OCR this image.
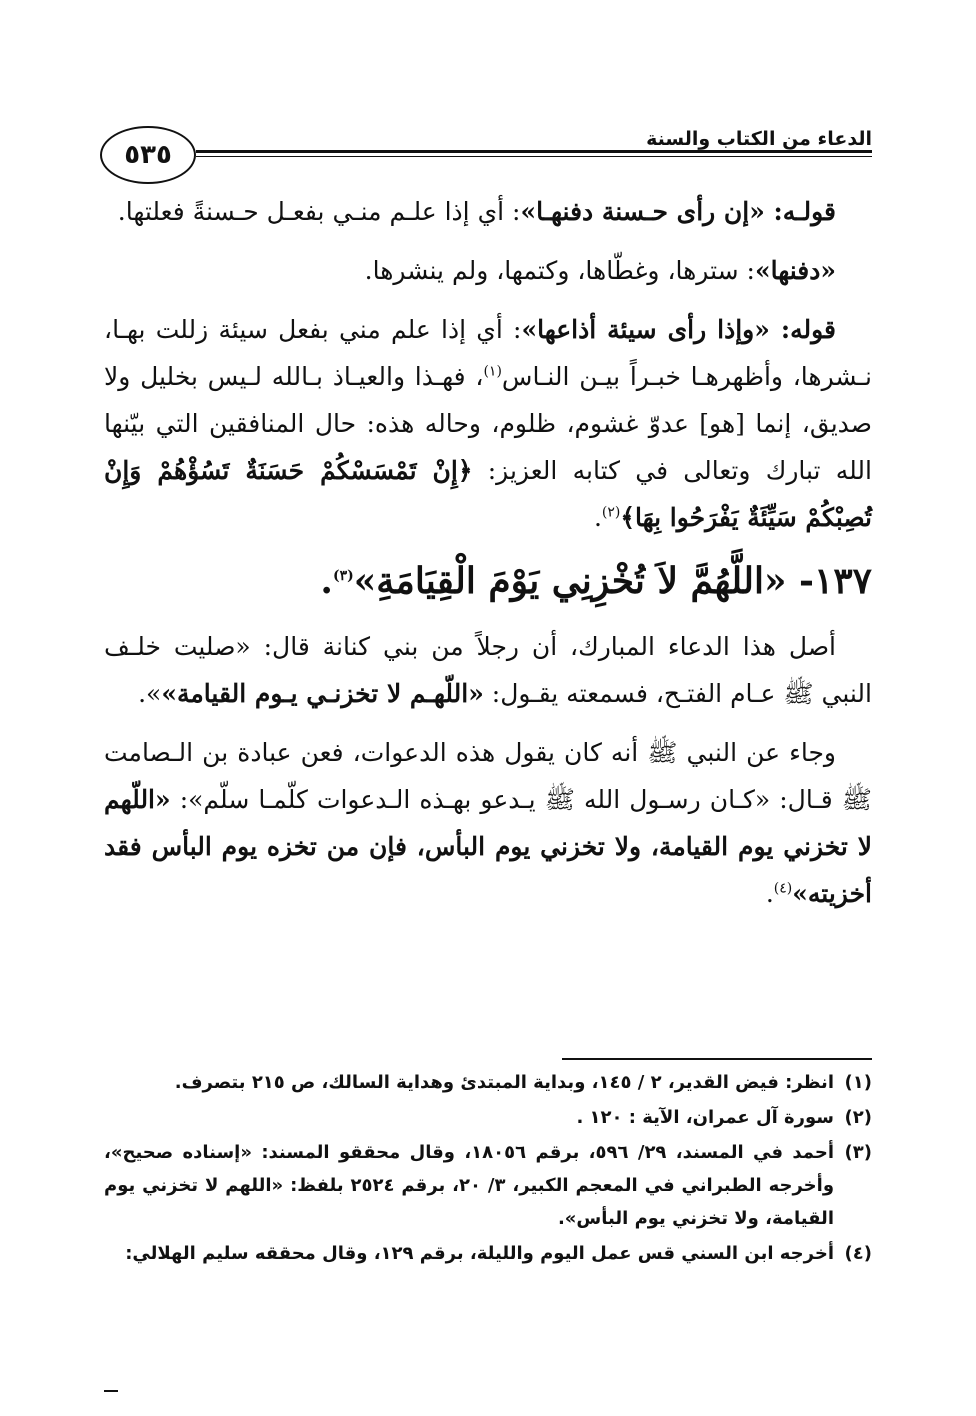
الدعاء من الكتاب والسنة
٥٣٥

قولـه: «إن رأى حـسنة دفنهـا»: أي إذا علـم منـي بفعـل حـسنةً فعلتها.

«دفنها»: سترها، وغطّاها، وكتمها، ولم ينشرها.

قوله: «وإذا رأى سيئة أذاعها»: أي إذا علم مني بفعل سيئة زللت بهـا، نـشرها، وأظهرهـا خبـراً بيـن النـاس$^{(١)}$، فهـذا والعيـاذ بـالله لـيس بخليل ولا صديق، إنما [هو] عدوّ غشوم، ظلوم، وحاله هذه: حال المنافقين التي بيّنها الله تبارك وتعالى في كتابه العزيز: ﴿إِنْ تَمْسَسْكُمْ حَسَنَةٌ تَسُؤْهُمْ وَإِنْ تُصِبْكُمْ سَيِّئَةٌ يَفْرَحُوا بِهَا﴾$^{(٢)}$.

١٣٧- «اللَّهُمَّ لاَ تُخْزِنِي يَوْمَ الْقِيَامَةِ»$^{(٣)}$.

أصل هذا الدعاء المبارك، أن رجلاً من بني كنانة قال: «صليت خلـف النبي ﷺ عـام الفتـح، فسمعته يقـول: «اللّهـم لا تخزنـي يـوم القيامة»».

وجاء عن النبي ﷺ أنه كان يقول هذه الدعوات، فعن عبادة بن الـصامت ﷺ قـال: «كـان رسـول الله ﷺ يـدعو بهـذه الـدعوات كلّمـا سلّم»: «اللّهم لا تخزني يوم القيامة، ولا تخزني يوم البأس، فإن من تخزه يوم البأس فقد أخزيته»$^{(٤)}$.

(١)
انظر: فيض القدير، ٢ / ١٤٥، وبداية المبتدئ وهداية السالك، ص ٢١٥ بتصرف.
(٢)
سورة آل عمران، الآية : ١٢٠ .
(٣)
أحمد في المسند، ٢٩/ ٥٩٦، برقم ١٨٠٥٦، وقال محققو المسند: «إسناده صحيح»، وأخرجه الطبراني في المعجم الكبير، ٣/ ٢٠، برقم ٢٥٢٤ بلفظ: «اللهم لا تخزني يوم القيامة، ولا تخزني يوم البأس».
(٤)
أخرجه ابن السني قس عمل اليوم والليلة، برقم ١٢٩، وقال محققه سليم الهلالي:
